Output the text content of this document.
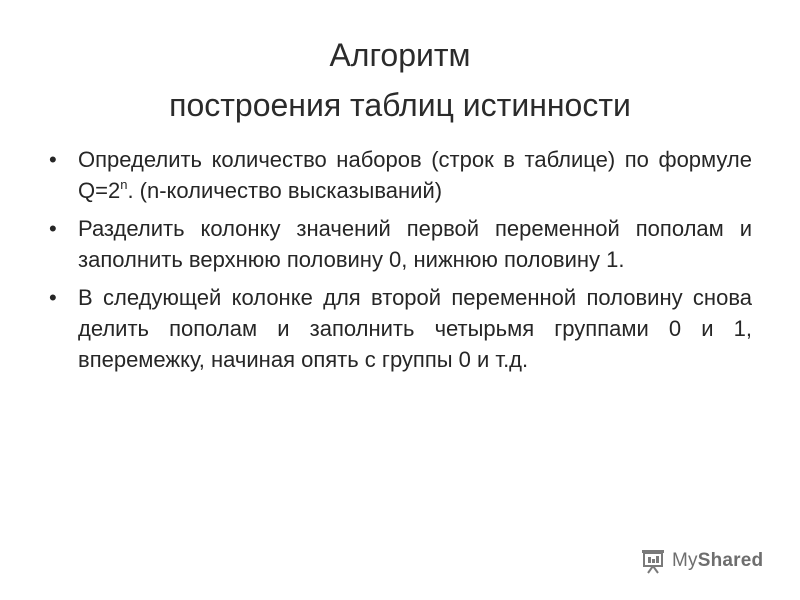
Алгоритм
построения таблиц истинности
• Определить количество наборов (строк в таблице) по формуле $Q=2^n$. (n-количество высказываний)
• Разделить колонку значений первой переменной пополам и заполнить верхнюю половину 0, нижнюю половину 1.
• В следующей колонке для второй переменной половину снова делить пополам и заполнить четырьмя группами 0 и 1, вперемежку, начиная опять с группы 0 и т.д.
MyShared
